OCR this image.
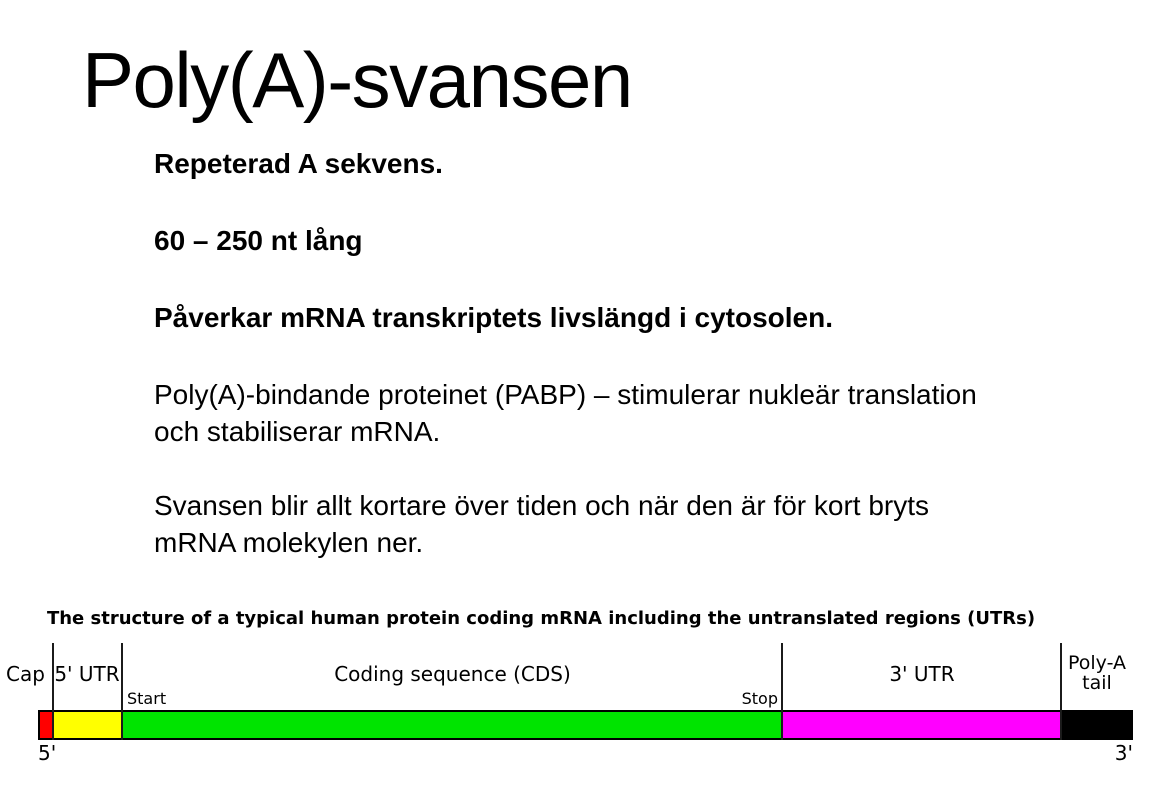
Poly(A)-svansen
Repeterad A sekvens.
60 – 250 nt lång
Påverkar mRNA transkriptets livslängd i cytosolen.
Poly(A)-bindande proteinet (PABP) – stimulerar nukleär translation
och stabiliserar mRNA.
Svansen blir allt kortare över tiden och när den är för kort bryts
mRNA molekylen ner.
The structure of a typical human protein coding mRNA including the untranslated regions (UTRs)
Cap 5' UTR	Coding sequence (CDS)	3' UTR	Poly-A
tail
Start	Stop
5'	3'
